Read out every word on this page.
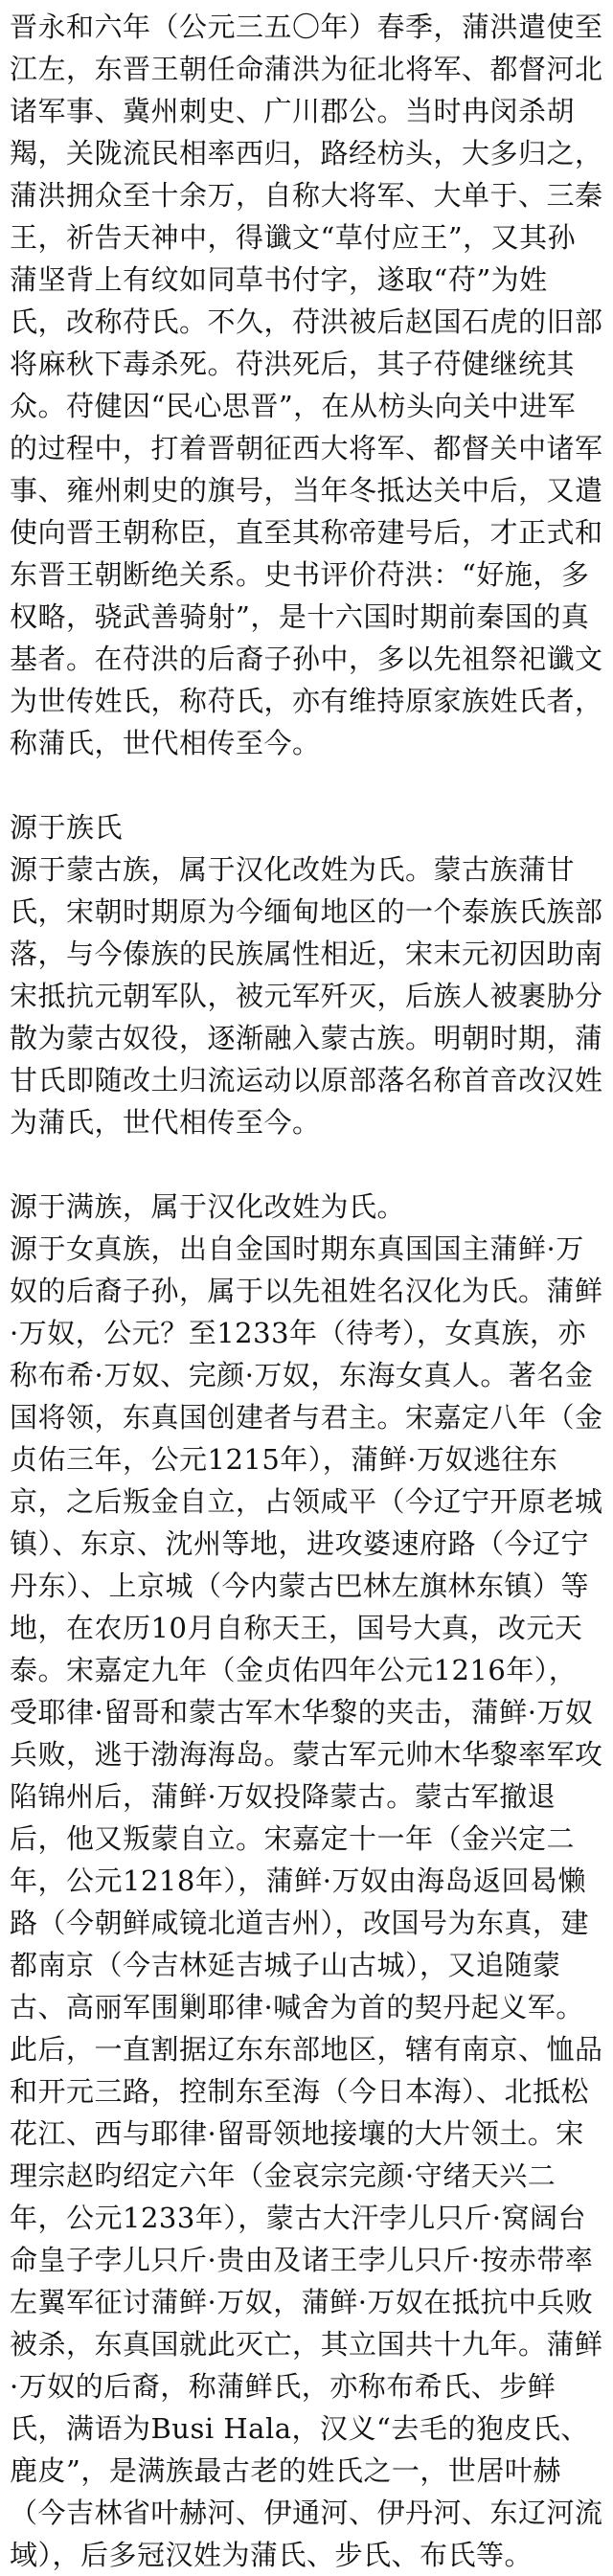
晋永和六年（公元三五〇年）春季，蒲洪遣使至江左，东晋王朝任命蒲洪为征北将军、都督河北诸军事、冀州刺史、广川郡公。当时冉闵杀胡羯，关陇流民相率西归，路经枋头，大多归之，蒲洪拥众至十余万，自称大将军、大单于、三秦王，祈告天神中，得谶文“草付应王”，又其孙蒲坚背上有纹如同草书付字，遂取“苻”为姓氏，改称苻氏。不久，苻洪被后赵国石虎的旧部将麻秋下毒杀死。苻洪死后，其子苻健继统其众。苻健因“民心思晋”，在从枋头向关中进军的过程中，打着晋朝征西大将军、都督关中诸军事、雍州刺史的旗号，当年冬抵达关中后，又遣使向晋王朝称臣，直至其称帝建号后，才正式和东晋王朝断绝关系。史书评价苻洪：“好施，多权略，骁武善骑射”，是十六国时期前秦国的真基者。在苻洪的后裔子孙中，多以先祖祭祀谶文为世传姓氏，称苻氏，亦有维持原家族姓氏者，称蒲氏，世代相传至今。

源于族氏

源于蒙古族，属于汉化改姓为氏。蒙古族蒲甘氏，宋朝时期原为今缅甸地区的一个泰族氏族部落，与今傣族的民族属性相近，宋末元初因助南宋抵抗元朝军队，被元军歼灭，后族人被裹胁分散为蒙古奴役，逐渐融入蒙古族。明朝时期，蒲甘氏即随改土归流运动以原部落名称首音改汉姓为蒲氏，世代相传至今。

源于满族，属于汉化改姓为氏。

源于女真族，出自金国时期东真国国主蒲鲜·万奴的后裔子孙，属于以先祖姓名汉化为氏。蒲鲜·万奴，公元？至1233年（待考），女真族，亦称布希·万奴、完颜·万奴，东海女真人。著名金国将领，东真国创建者与君主。宋嘉定八年（金贞佑三年，公元1215年），蒲鲜·万奴逃往东京，之后叛金自立，占领咸平（今辽宁开原老城镇）、东京、沈州等地，进攻婆速府路（今辽宁丹东）、上京城（今内蒙古巴林左旗林东镇）等地，在农历10月自称天王，国号大真，改元天泰。宋嘉定九年（金贞佑四年公元1216年），受耶律·留哥和蒙古军木华黎的夹击，蒲鲜·万奴兵败，逃于渤海海岛。蒙古军元帅木华黎率军攻陷锦州后，蒲鲜·万奴投降蒙古。蒙古军撤退后，他又叛蒙自立。宋嘉定十一年（金兴定二年，公元1218年），蒲鲜·万奴由海岛返回曷懒路（今朝鲜咸镜北道吉州），改国号为东真，建都南京（今吉林延吉城子山古城），又追随蒙古、高丽军围剿耶律·喊舍为首的契丹起义军。此后，一直割据辽东东部地区，辖有南京、恤品和开元三路，控制东至海（今日本海）、北抵松花江、西与耶律·留哥领地接壤的大片领土。宋理宗赵昀绍定六年（金哀宗完颜·守绪天兴二年，公元1233年），蒙古大汗孛儿只斤·窝阔台命皇子孛儿只斤·贵由及诸王孛儿只斤·按赤带率左翼军征讨蒲鲜·万奴，蒲鲜·万奴在抵抗中兵败被杀，东真国就此灭亡，其立国共十九年。蒲鲜·万奴的后裔，称蒲鲜氏，亦称布希氏、步鲜氏，满语为Busi Hala，汉义“去毛的狍皮氏、鹿皮”，是满族最古老的姓氏之一，世居叶赫（今吉林省叶赫河、伊通河、伊丹河、东辽河流域），后多冠汉姓为蒲氏、步氏、布氏等。
